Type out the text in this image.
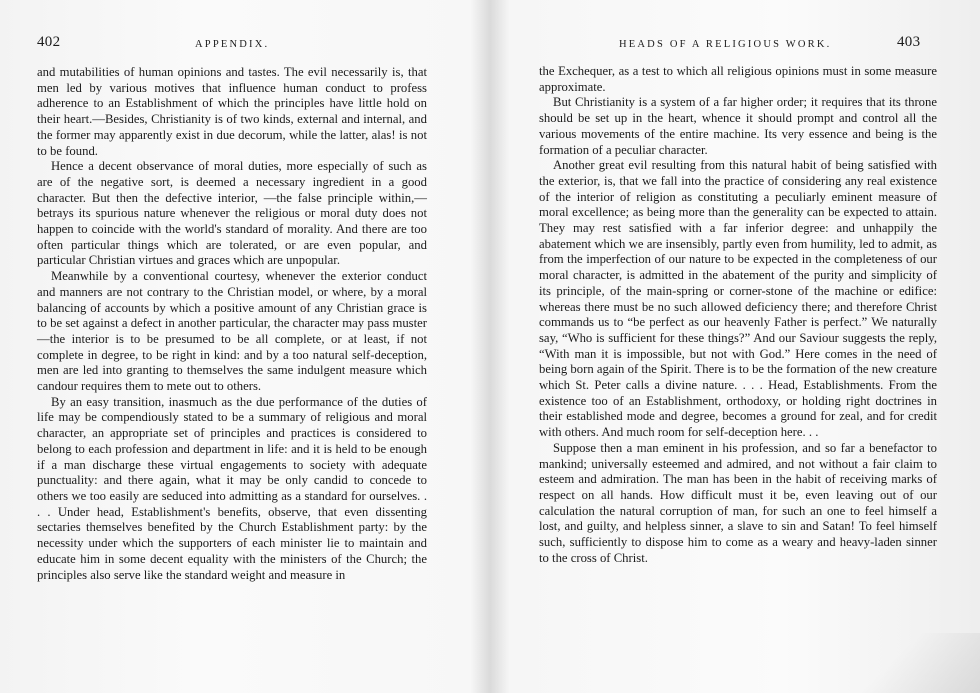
402	APPENDIX.

and mutabilities of human opinions and tastes. The evil necessarily is, that men led by various motives that influence human conduct to profess adherence to an Establishment of which the principles have little hold on their heart.—Besides, Christianity is of two kinds, external and internal, and the former may apparently exist in due decorum, while the latter, alas! is not to be found.

Hence a decent observance of moral duties, more especially of such as are of the negative sort, is deemed a necessary ingredient in a good character. But then the defective interior, —the false principle within,—betrays its spurious nature whenever the religious or moral duty does not happen to coincide with the world's standard of morality. And there are too often particular things which are tolerated, or are even popular, and particular Christian virtues and graces which are unpopular.

Meanwhile by a conventional courtesy, whenever the exterior conduct and manners are not contrary to the Christian model, or where, by a moral balancing of accounts by which a positive amount of any Christian grace is to be set against a defect in another particular, the character may pass muster—the interior is to be presumed to be all complete, or at least, if not complete in degree, to be right in kind: and by a too natural self-deception, men are led into granting to themselves the same indulgent measure which candour requires them to mete out to others.

By an easy transition, inasmuch as the due performance of the duties of life may be compendiously stated to be a summary of religious and moral character, an appropriate set of principles and practices is considered to belong to each profession and department in life: and it is held to be enough if a man discharge these virtual engagements to society with adequate punctuality: and there again, what it may be only candid to concede to others we too easily are seduced into admitting as a standard for ourselves. . . . Under head, Establishment's benefits, observe, that even dissenting sectaries themselves benefited by the Church Establishment party: by the necessity under which the supporters of each minister lie to maintain and educate him in some decent equality with the ministers of the Church; the principles also serve like the standard weight and measure in

HEADS OF A RELIGIOUS WORK.	403

the Exchequer, as a test to which all religious opinions must in some measure approximate.

But Christianity is a system of a far higher order; it requires that its throne should be set up in the heart, whence it should prompt and control all the various movements of the entire machine. Its very essence and being is the formation of a peculiar character.

Another great evil resulting from this natural habit of being satisfied with the exterior, is, that we fall into the practice of considering any real existence of the interior of religion as constituting a peculiarly eminent measure of moral excellence; as being more than the generality can be expected to attain. They may rest satisfied with a far inferior degree: and unhappily the abatement which we are insensibly, partly even from humility, led to admit, as from the imperfection of our nature to be expected in the completeness of our moral character, is admitted in the abatement of the purity and simplicity of its principle, of the main-spring or corner-stone of the machine or edifice: whereas there must be no such allowed deficiency there; and therefore Christ commands us to “be perfect as our heavenly Father is perfect.” We naturally say, “Who is sufficient for these things?” And our Saviour suggests the reply, “With man it is impossible, but not with God.” Here comes in the need of being born again of the Spirit. There is to be the formation of the new creature which St. Peter calls a divine nature. . . . Head, Establishments. From the existence too of an Establishment, orthodoxy, or holding right doctrines in their established mode and degree, becomes a ground for zeal, and for credit with others. And much room for self-deception here. . .

Suppose then a man eminent in his profession, and so far a benefactor to mankind; universally esteemed and admired, and not without a fair claim to esteem and admiration. The man has been in the habit of receiving marks of respect on all hands. How difficult must it be, even leaving out of our calculation the natural corruption of man, for such an one to feel himself a lost, and guilty, and helpless sinner, a slave to sin and Satan! To feel himself such, sufficiently to dispose him to come as a weary and heavy-laden sinner to the cross of Christ.
